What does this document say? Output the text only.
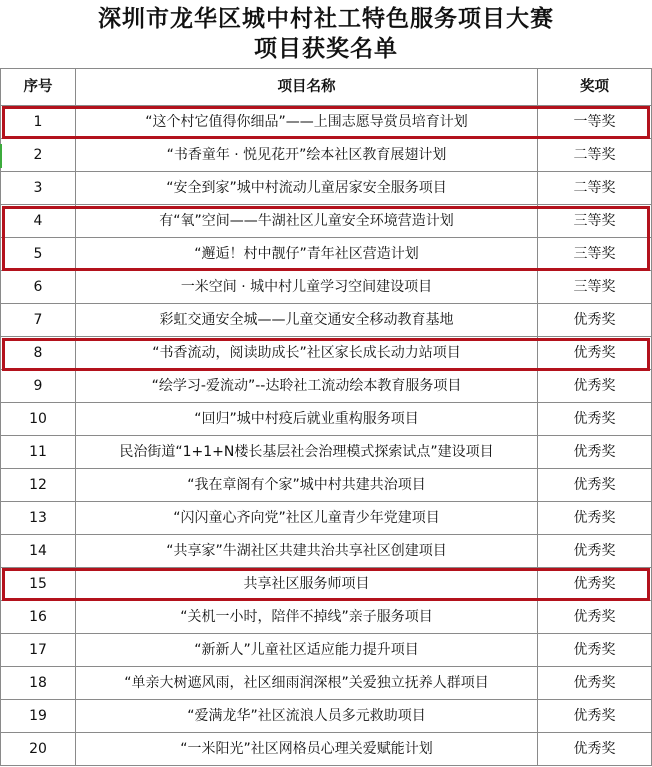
深圳市龙华区城中村社工特色服务项目大赛
项目获奖名单
序号	项目名称	奖项
1	“这个村它值得你细品”——上围志愿导赏员培育计划	一等奖
2	“书香童年 · 悦见花开”绘本社区教育展翅计划	二等奖
3	“安全到家”城中村流动儿童居家安全服务项目	二等奖
4	有“氧”空间——牛湖社区儿童安全环境营造计划	三等奖
5	“邂逅！村中靓仔”青年社区营造计划	三等奖
6	一米空间 · 城中村儿童学习空间建设项目	三等奖
7	彩虹交通安全城——儿童交通安全移动教育基地	优秀奖
8	“书香流动，阅读助成长”社区家长成长动力站项目	优秀奖
9	“绘学习-爱流动”--达聆社工流动绘本教育服务项目	优秀奖
10	“回归”城中村疫后就业重构服务项目	优秀奖
11	民治街道“1+1+N楼长基层社会治理模式探索试点”建设项目	优秀奖
12	“我在章阁有个家”城中村共建共治项目	优秀奖
13	“闪闪童心齐向党”社区儿童青少年党建项目	优秀奖
14	“共享家”牛湖社区共建共治共享社区创建项目	优秀奖
15	共享社区服务师项目	优秀奖
16	“关机一小时，陪伴不掉线”亲子服务项目	优秀奖
17	“新新人”儿童社区适应能力提升项目	优秀奖
18	“单亲大树遮风雨，社区细雨润深根”关爱独立抚养人群项目	优秀奖
19	“爱满龙华”社区流浪人员多元救助项目	优秀奖
20	“一米阳光”社区网格员心理关爱赋能计划	优秀奖
